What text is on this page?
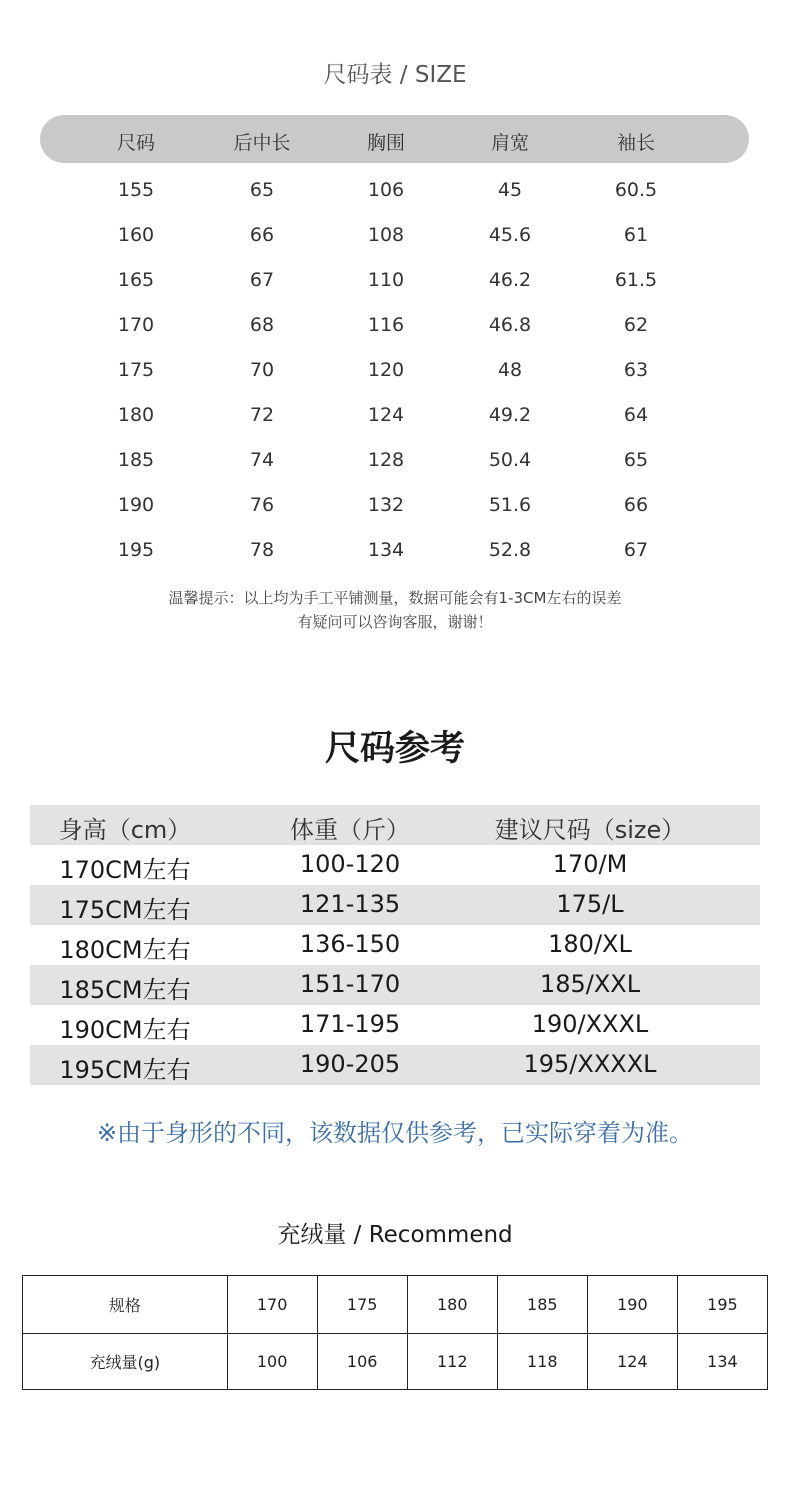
尺码表 / SIZE
尺码	后中长	胸围	肩宽	袖长
155	65	106	45	60.5
160	66	108	45.6	61
165	67	110	46.2	61.5
170	68	116	46.8	62
175	70	120	48	63
180	72	124	49.2	64
185	74	128	50.4	65
190	76	132	51.6	66
195	78	134	52.8	67
温馨提示：以上均为手工平铺测量，数据可能会有1-3CM左右的误差
有疑问可以咨询客服，谢谢！
尺码参考
身高（cm）	体重（斤）	建议尺码（size）
170CM左右	100-120	170/M
175CM左右	121-135	175/L
180CM左右	136-150	180/XL
185CM左右	151-170	185/XXL
190CM左右	171-195	190/XXXL
195CM左右	190-205	195/XXXXL
※由于身形的不同，该数据仅供参考，已实际穿着为准。
充绒量 / Recommend
规格	170	175	180	185	190	195
充绒量(g)	100	106	112	118	124	134
